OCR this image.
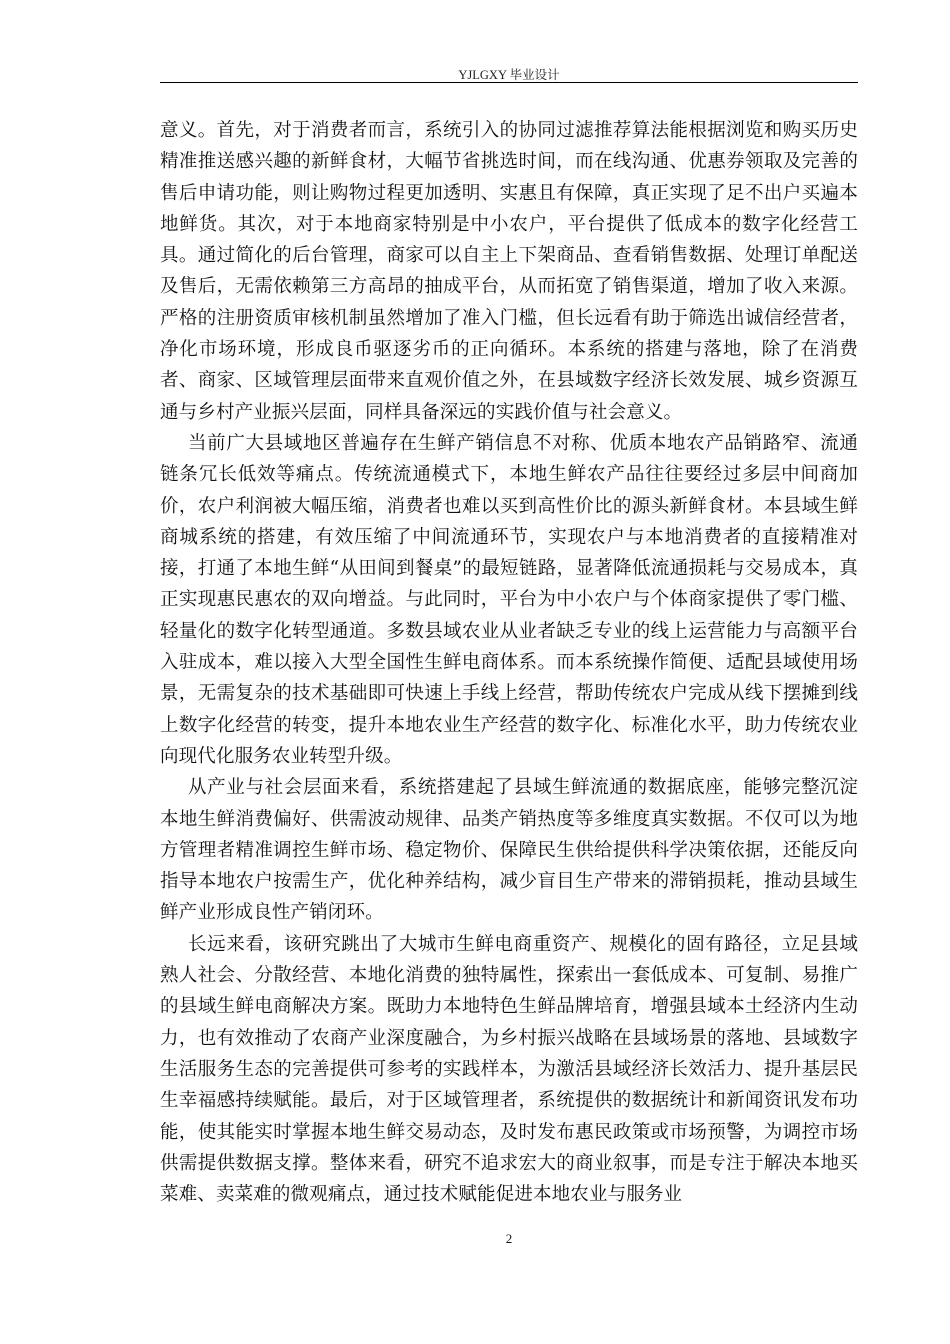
YJLGXY 毕业设计

意义。首先，对于消费者而言，系统引入的协同过滤推荐算法能根据浏览和购买历史精准推送感兴趣的新鲜食材，大幅节省挑选时间，而在线沟通、优惠券领取及完善的售后申请功能，则让购物过程更加透明、实惠且有保障，真正实现了足不出户买遍本地鲜货。其次，对于本地商家特别是中小农户，平台提供了低成本的数字化经营工具。通过简化的后台管理，商家可以自主上下架商品、查看销售数据、处理订单配送及售后，无需依赖第三方高昂的抽成平台，从而拓宽了销售渠道，增加了收入来源。严格的注册资质审核机制虽然增加了准入门槛，但长远看有助于筛选出诚信经营者，净化市场环境，形成良币驱逐劣币的正向循环。本系统的搭建与落地，除了在消费者、商家、区域管理层面带来直观价值之外，在县域数字经济长效发展、城乡资源互通与乡村产业振兴层面，同样具备深远的实践价值与社会意义。

当前广大县域地区普遍存在生鲜产销信息不对称、优质本地农产品销路窄、流通链条冗长低效等痛点。传统流通模式下，本地生鲜农产品往往要经过多层中间商加价，农户利润被大幅压缩，消费者也难以买到高性价比的源头新鲜食材。本县域生鲜商城系统的搭建，有效压缩了中间流通环节，实现农户与本地消费者的直接精准对接，打通了本地生鲜“从田间到餐桌”的最短链路，显著降低流通损耗与交易成本，真正实现惠民惠农的双向增益。与此同时，平台为中小农户与个体商家提供了零门槛、轻量化的数字化转型通道。多数县域农业从业者缺乏专业的线上运营能力与高额平台入驻成本，难以接入大型全国性生鲜电商体系。而本系统操作简便、适配县域使用场景，无需复杂的技术基础即可快速上手线上经营，帮助传统农户完成从线下摆摊到线上数字化经营的转变，提升本地农业生产经营的数字化、标准化水平，助力传统农业向现代化服务农业转型升级。

从产业与社会层面来看，系统搭建起了县域生鲜流通的数据底座，能够完整沉淀本地生鲜消费偏好、供需波动规律、品类产销热度等多维度真实数据。不仅可以为地方管理者精准调控生鲜市场、稳定物价、保障民生供给提供科学决策依据，还能反向指导本地农户按需生产，优化种养结构，减少盲目生产带来的滞销损耗，推动县域生鲜产业形成良性产销闭环。

长远来看，该研究跳出了大城市生鲜电商重资产、规模化的固有路径，立足县域熟人社会、分散经营、本地化消费的独特属性，探索出一套低成本、可复制、易推广的县域生鲜电商解决方案。既助力本地特色生鲜品牌培育，增强县域本土经济内生动力，也有效推动了农商产业深度融合，为乡村振兴战略在县域场景的落地、县域数字生活服务生态的完善提供可参考的实践样本，为激活县域经济长效活力、提升基层民生幸福感持续赋能。最后，对于区域管理者，系统提供的数据统计和新闻资讯发布功能，使其能实时掌握本地生鲜交易动态，及时发布惠民政策或市场预警，为调控市场供需提供数据支撑。整体来看，研究不追求宏大的商业叙事，而是专注于解决本地买菜难、卖菜难的微观痛点，通过技术赋能促进本地农业与服务业

2
